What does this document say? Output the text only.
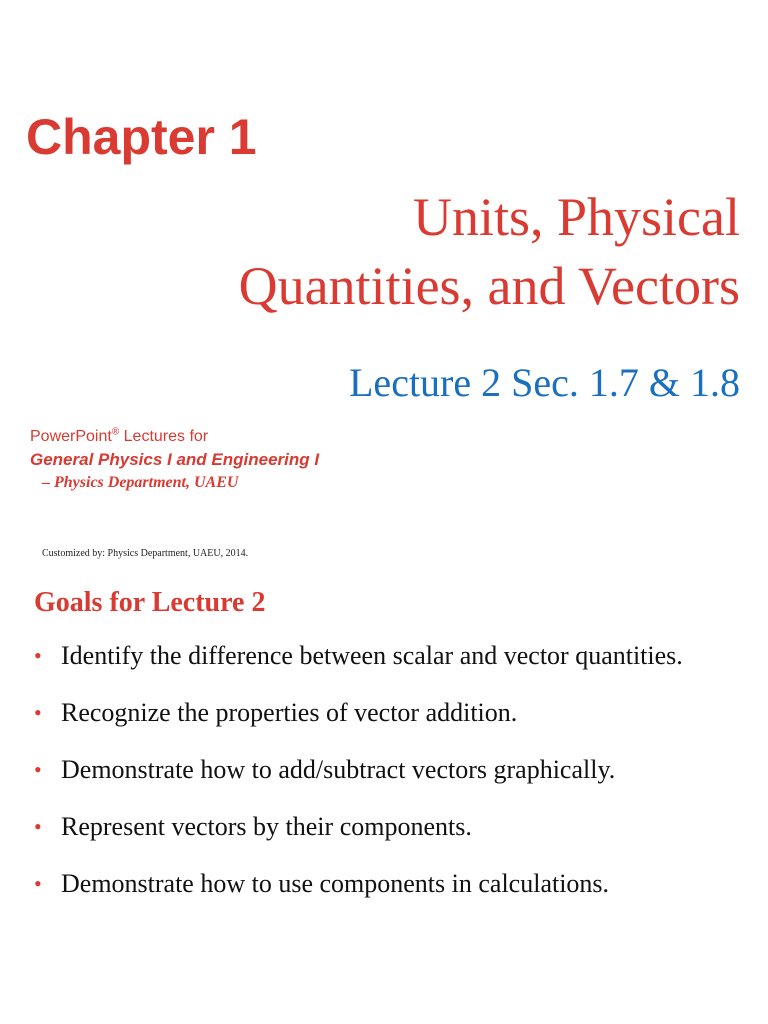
Chapter 1
Units, Physical
Quantities, and Vectors
Lecture 2 Sec. 1.7 & 1.8
PowerPoint® Lectures for
General Physics I and Engineering I
– Physics Department, UAEU
Customized by: Physics Department, UAEU, 2014.
Goals for Lecture 2
• Identify the difference between scalar and vector quantities.
• Recognize the properties of vector addition.
• Demonstrate how to add/subtract vectors graphically.
• Represent vectors by their components.
• Demonstrate how to use components in calculations.
